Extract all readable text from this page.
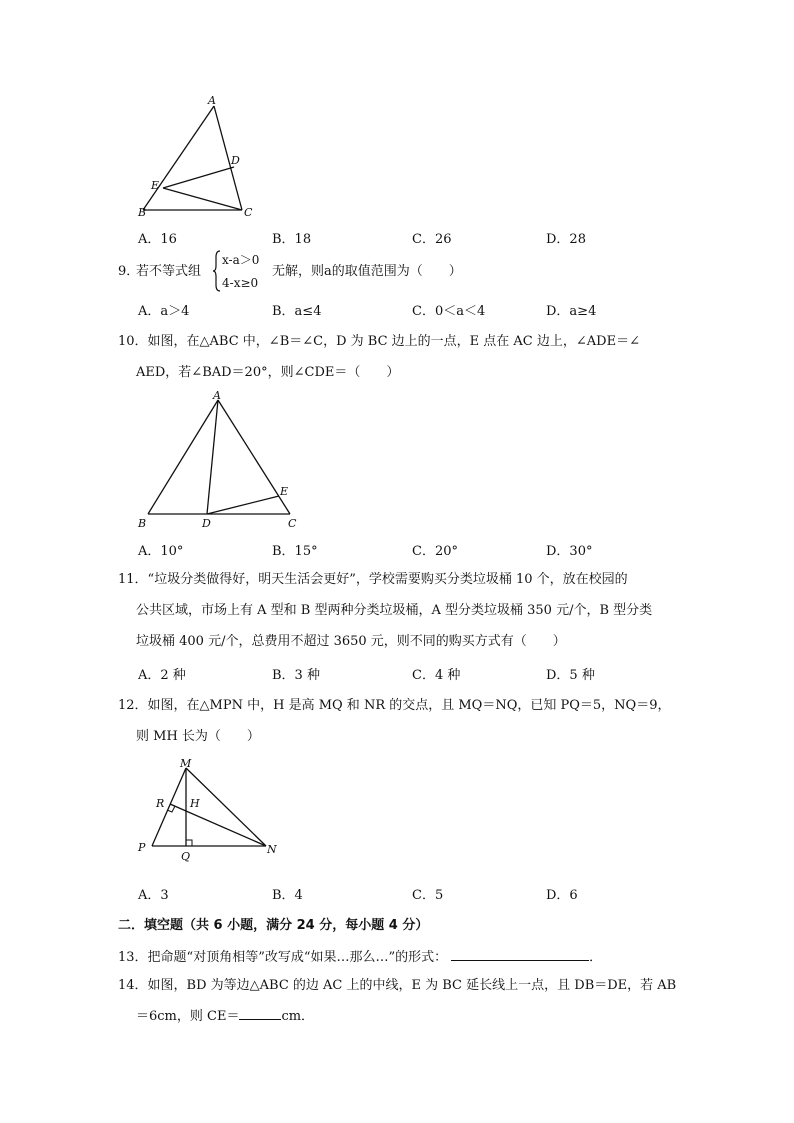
A
D
E
B	C
A．16	B．18	C．26	D．28
9．
若不等式组
x-a＞0
4-x≥0
无解，则a的取值范围为（　　）
A．a＞4	B．a≤4	C．0＜a＜4	D．a≥4
10．如图，在△ABC 中，∠B＝∠C，D 为 BC 边上的一点，E 点在 AC 边上，∠ADE＝∠
AED，若∠BAD＝20°，则∠CDE＝（　　）
A
E
B	D	C
A．10°	B．15°	C．20°	D．30°
11．“垃圾分类做得好，明天生活会更好”，学校需要购买分类垃圾桶 10 个，放在校园的
公共区域，市场上有 A 型和 B 型两种分类垃圾桶，A 型分类垃圾桶 350 元/个，B 型分类
垃圾桶 400 元/个，总费用不超过 3650 元，则不同的购买方式有（　　）
A．2 种	B．3 种	C．4 种	D．5 种
12．如图，在△MPN 中，H 是高 MQ 和 NR 的交点，且 MQ＝NQ，已知 PQ＝5，NQ＝9，
则 MH 长为（　　）
M
R H
P
Q
N
A．3	B．4	C．5	D．6
二．填空题（共 6 小题，满分 24 分，每小题 4 分）
13．把命题“对顶角相等”改写成“如果…那么…”的形式：	．
14．如图，BD 为等边△ABC 的边 AC 上的中线，E 为 BC 延长线上一点，且 DB＝DE，若 AB
＝6cm，则 CE＝	cm．
